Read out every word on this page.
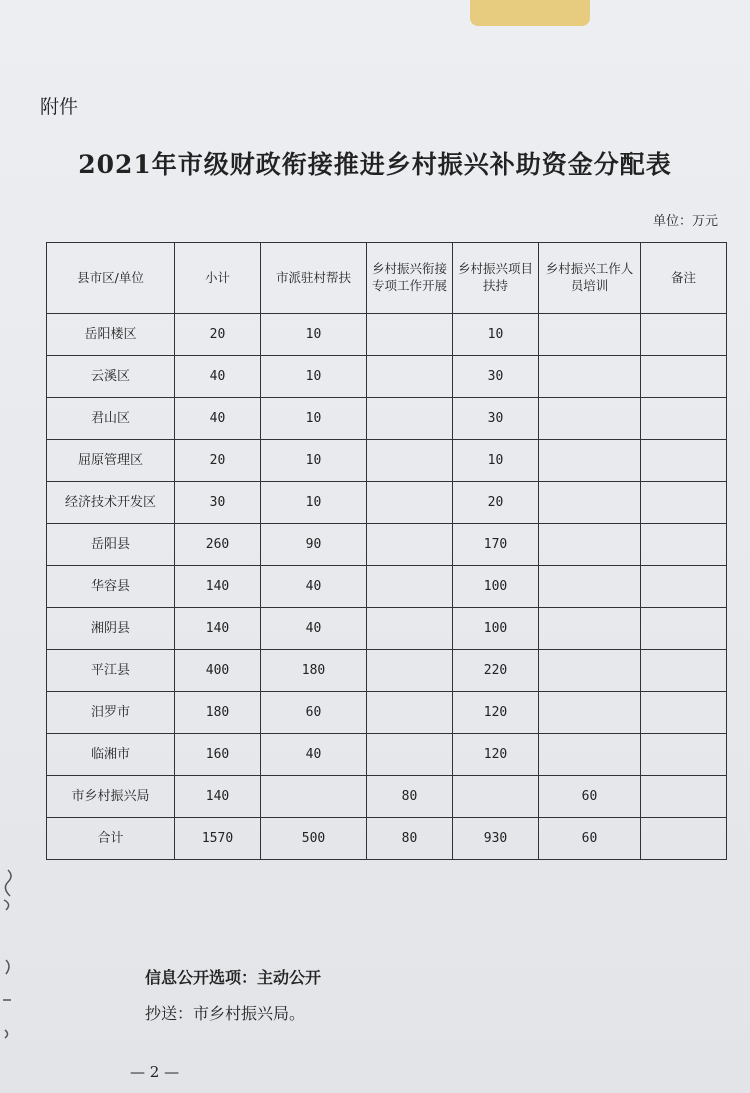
附件
2021年市级财政衔接推进乡村振兴补助资金分配表
单位：万元
县市区/单位	小计	市派驻村帮扶	乡村振兴衔接专项工作开展	乡村振兴项目扶持	乡村振兴工作人员培训	备注
岳阳楼区	20	10		10		
云溪区	40	10		30		
君山区	40	10		30		
屈原管理区	20	10		10		
经济技术开发区	30	10		20		
岳阳县	260	90		170		
华容县	140	40		100		
湘阴县	140	40		100		
平江县	400	180		220		
汨罗市	180	60		120		
临湘市	160	40		120		
市乡村振兴局	140		80		60	
合计	1570	500	80	930	60	
信息公开选项：主动公开
抄送：市乡村振兴局。
— 2 —
